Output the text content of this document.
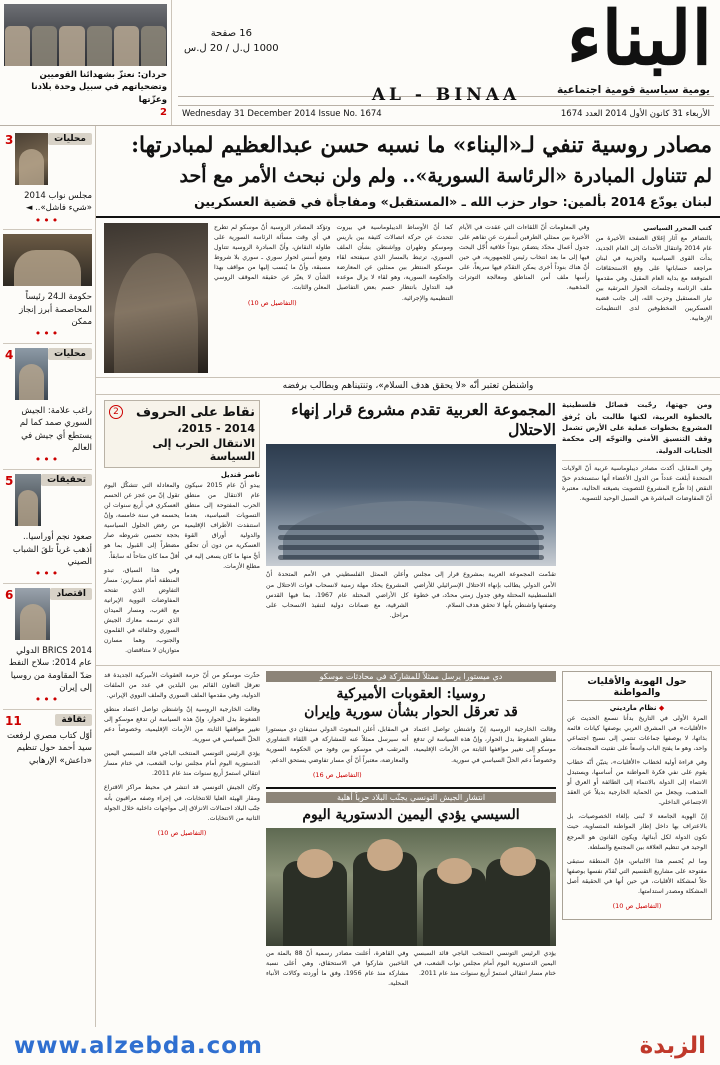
حردان: نعتزّ بشهدائنا القوميين وتضحياتهم في سبيل وحدة بلادنا وعزّتها
2
البناء
يومية سياسية قومية اجتماعية
16 صفحة
1000 ل.ل / 20 ل.س
AL - BINAA
Wednesday 31 December 2014 Issue No. 1674	الأربعاء 31 كانون الأول 2014 العدد 1674
محليات
3
مجلس نواب 2014 «شيء فاشل».. ◄
•••
حكومة الـ24 رئيساً المحاصصة أبرز إنجاز ممكن
•••
محليات
4
راغب علامة: الجيش السوري صمد كما لم يستطع أي جيش في العالم
•••
تحقيقات
5
صعود نجم أوراسيا.. أذهب غرباً تلقَ الشباب الصيني
•••
اقتصاد
6
BRICS 2014 الدولي عام 2014: سلاح النفط ضدّ المقاومة من روسيا إلى إيران
•••
ثقافة
11
أوّل كتاب مصري لرفعت سيد أحمد حول تنظيم «داعش» الإرهابي
مصادر روسية تنفي لـ«البناء» ما نسبه حسن عبدالعظيم لمبادرتها:
لم تتناول المبادرة «الرئاسة السورية».. ولم ولن نبحث الأمر مع أحد
لبنان يودّع 2014 بألمين: حوار حزب الله ـ «المستقبل» ومفاجأة في قضية العسكريين

وتؤكد المصادر الروسية أنّ موسكو لم تطرح في أي وقت مسألة الرئاسة السورية على طاولة النقاش، وأنّ المبادرة الروسية تتناول وضع أسس لحوار سوري ـ سوري بلا شروط مسبقة، وأنّ ما يُنسب إليها من مواقف بهذا الشأن لا يعبّر عن حقيقة الموقف الروسي المعلن والثابت.

(التفاصيل ص 10)

كما أنّ الأوساط الديبلوماسية في بيروت تتحدث عن حركة اتصالات كثيفة بين باريس وموسكو وطهران وواشنطن بشأن الملف السوري، ترتبط بالمسار الذي سيفتحه لقاء موسكو المنتظر بين ممثلين عن المعارضة والحكومة السورية، وهو لقاء لا يزال موعده قيد التداول بانتظار حسم بعض التفاصيل التنظيمية والإجرائية.

وفي المعلومات أنّ اللقاءات التي عقدت في الأيام الأخيرة بين ممثلي الطرفين أسفرت عن تفاهم على جدول أعمال محدّد يتضمّن بنوداً خلافية أُجّل البحث فيها إلى ما بعد انتخاب رئيس للجمهورية، في حين أنّ هناك بنوداً أخرى يمكن التقدّم فيها سريعاً، على رأسها ملف أمن المناطق ومعالجة التوترات المذهبية.

كتب المحرر السياسي

بالتضافر مع آثار إغلاق الصفحة الأخيرة من عام 2014 وانتقال الأحداث إلى العام الجديد، بدأت القوى السياسية والحزبية في لبنان مراجعة حساباتها على وقع الاستحقاقات المتوقعة مع بداية العام المقبل، وفي مقدمها ملف الرئاسة وجلسات الحوار المرتقبة بين تيار المستقبل وحزب الله، إلى جانب قضية العسكريين المخطوفين لدى التنظيمات الإرهابية.

واشنطن تعتبر أنّه «لا يحقق هدف السلام»، وتنتيناهم وبطالب برفضه
2	نقاط على الحروف
2014 - 2015،
الانتقال الحرب إلى السياسة
ناصر قنديل

والمعادلة التي تتشكّل اليوم تقول إنّ من عجز عن الحسم العسكري في أربع سنوات لن يحسمه في سنة خامسة، وإنّ من رفض الحلول السياسية بحجة تحسين شروطه صار مضطراً إلى القبول بما هو أقلّ مما كان متاحاً له سابقاً.

وفي هذا السياق، تبدو المنطقة أمام مسارين: مسار التفاوض الذي تفتحه المفاوضات النووية الإيرانية مع الغرب، ومسار الميدان الذي ترسمه معارك الجيش السوري وحلفائه في القلمون والجنوب، وهما مسارن متوازيان لا متناقضان.

يبدو أنّ عام 2015 سيكون عام الانتقال من منطق الحرب المفتوحة إلى منطق التسويات السياسية، بعدما استنفدت الأطراف الإقليمية والدولية أوراق القوة العسكرية من دون أن تحقّق أيٌّ منها ما كان يسعى إليه في مطلع الأزمات.

المجموعة العربية تقدم مشروع قرار إنهاء الاحتلال

وأعلن الممثل الفلسطيني في الأمم المتحدة أنّ المشروع يحدّد مهلة زمنية لانسحاب قوات الاحتلال من كل الأراضي المحتلة عام 1967، بما فيها القدس الشرقية، مع ضمانات دولية لتنفيذ الانسحاب على مراحل.

تقدّمت المجموعة العربية بمشروع قرار إلى مجلس الأمن الدولي يطالب بإنهاء الاحتلال الإسرائيلي للأراضي الفلسطينية المحتلة وفق جدول زمني محدّد، في خطوة وصفتها واشنطن بأنها لا تحقق هدف السلام.

ومن جهتها، رحّبت فصائل فلسطينية بالخطوة العربية، لكنها طالبت بأن يُرفق المشروع بخطوات عملية على الأرض تشمل وقف التنسيق الأمني والتوجّه إلى محكمة الجنايات الدولية.

وفي المقابل، أكدت مصادر ديبلوماسية غربية أنّ الولايات المتحدة أبلغت عدداً من الدول الأعضاء أنها ستستخدم حقّ النقض إذا طُرح المشروع للتصويت بصيغته الحالية، معتبرة أنّ المفاوضات المباشرة هي السبيل الوحيد للتسوية.

حذّرت موسكو من أنّ حزمة العقوبات الأميركية الجديدة قد تعرقل التعاون القائم بين البلدين في عدد من الملفات الدولية، وفي مقدمها الملف السوري والملف النووي الإيراني.

وقالت الخارجية الروسية إنّ واشنطن تواصل اعتماد منطق الضغوط بدل الحوار، وإنّ هذه السياسة لن تدفع موسكو إلى تغيير مواقفها الثابتة من الأزمات الإقليمية، وخصوصاً دعم الحلّ السياسي في سورية.

يؤدي الرئيس التونسي المنتخب الباجي قائد السبسي اليمين الدستورية اليوم أمام مجلس نواب الشعب، في ختام مسار انتقالي استمرّ أربع سنوات منذ عام 2011.

وكان الجيش التونسي قد انتشر في محيط مراكز الاقتراع ومقار الهيئة العليا للانتخابات، في إجراء وصفه مراقبون بأنه جنّب البلاد احتمالات الانزلاق إلى مواجهات داخلية خلال الجولة الثانية من الانتخابات.

(التفاصيل ص 10)

دي ميستورا يرسل ممثلاً للمشاركة في محادثات موسكو
روسيا: العقوبات الأميركية
قد تعرقل الحوار بشأن سورية وإيران

في المقابل، أعلن المبعوث الدولي ستيفان دي ميستورا أنه سيرسل ممثلاً عنه للمشاركة في اللقاء التشاوري المرتقب في موسكو بين وفود من الحكومة السورية والمعارضة، معتبراً أنّ أي مسار تفاوضي يستحق الدعم.

(التفاصيل ص 16)

وقالت الخارجية الروسية إنّ واشنطن تواصل اعتماد منطق الضغوط بدل الحوار، وإنّ هذه السياسة لن تدفع موسكو إلى تغيير مواقفها الثابتة من الأزمات الإقليمية، وخصوصاً دعم الحلّ السياسي في سورية.

انتشار الجيش التونسي يجنّب البلاد حرباً أهلية
السيسي يؤدي اليمين الدستورية اليوم

وفي القاهرة، أعلنت مصادر رسمية أنّ 88 بالمئة من الناخبين شاركوا في الاستحقاق، وهي أعلى نسبة مشاركة منذ عام 1956، وفق ما أوردته وكالات الأنباء المحلية.

يؤدي الرئيس التونسي المنتخب الباجي قائد السبسي اليمين الدستورية اليوم أمام مجلس نواب الشعب، في ختام مسار انتقالي استمرّ أربع سنوات منذ عام 2011.

حول الهوية والأقليات والمواطنة
◆ نظام مارديني

المرة الأولى في التاريخ بدأنا نسمع الحديث عن «الأقليات» في المشرق العربي بوصفها كيانات قائمة بذاتها، لا بوصفها جماعات تنتمي إلى نسيج اجتماعي واحد، وهو ما يفتح الباب واسعاً على تفتيت المجتمعات.

وفي قراءة أولية لخطاب «الأقليات»، يتبيّن أنّه خطاب يقوم على نفي فكرة المواطنة من أساسها، ويستبدل الانتماء إلى الدولة بالانتماء إلى الطائفة أو العرق أو المذهب، ويجعل من الحماية الخارجية بديلاً عن العقد الاجتماعي الداخلي.

إنّ الهوية الجامعة لا تُبنى بإلغاء الخصوصيات، بل بالاعتراف بها داخل إطار المواطنة المتساوية، حيث تكون الدولة لكل أبنائها، ويكون القانون هو المرجع الوحيد في تنظيم العلاقة بين المجتمع والسلطة.

وما لم يُحسم هذا الالتباس، فإنّ المنطقة ستبقى مفتوحة على مشاريع التقسيم التي تُقدّم نفسها بوصفها حلاً لمشكلة الأقليات، في حين أنها في الحقيقة أصل المشكلة ومصدر استدامتها.

(التفاصيل ص 10)

www.alzebda.com	الزبدة
